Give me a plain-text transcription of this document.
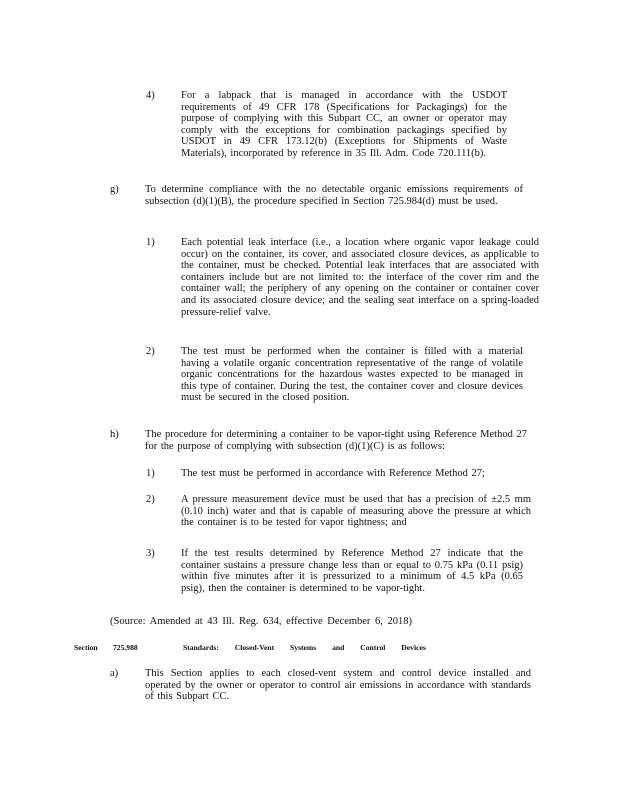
4)	For a labpack that is managed in accordance with the USDOT requirements of 49 CFR 178 (Specifications for Packagings) for the purpose of complying with this Subpart CC, an owner or operator may comply with the exceptions for combination packagings specified by USDOT in 49 CFR 173.12(b) (Exceptions for Shipments of Waste Materials), incorporated by reference in 35 Ill. Adm. Code 720.111(b).
g)	To determine compliance with the no detectable organic emissions requirements of subsection (d)(1)(B), the procedure specified in Section 725.984(d) must be used.
1)	Each potential leak interface (i.e., a location where organic vapor leakage could occur) on the container, its cover, and associated closure devices, as applicable to the container, must be checked. Potential leak interfaces that are associated with containers include but are not limited to: the interface of the cover rim and the container wall; the periphery of any opening on the container or container cover and its associated closure device; and the sealing seat interface on a spring-loaded pressure-relief valve.
2)	The test must be performed when the container is filled with a material having a volatile organic concentration representative of the range of volatile organic concentrations for the hazardous wastes expected to be managed in this type of container. During the test, the container cover and closure devices must be secured in the closed position.
h)	The procedure for determining a container to be vapor-tight using Reference Method 27 for the purpose of complying with subsection (d)(1)(C) is as follows:
1)	The test must be performed in accordance with Reference Method 27;
2)	A pressure measurement device must be used that has a precision of ±2.5 mm (0.10 inch) water and that is capable of measuring above the pressure at which the container is to be tested for vapor tightness; and
3)	If the test results determined by Reference Method 27 indicate that the container sustains a pressure change less than or equal to 0.75 kPa (0.11 psig) within five minutes after it is pressurized to a minimum of 4.5 kPa (0.65 psig), then the container is determined to be vapor-tight.
(Source: Amended at 43 Ill. Reg. 634, effective December 6, 2018)
Section 725.988	Standards: Closed-Vent Systems and Control Devices
a)	This Section applies to each closed-vent system and control device installed and operated by the owner or operator to control air emissions in accordance with standards of this Subpart CC.
